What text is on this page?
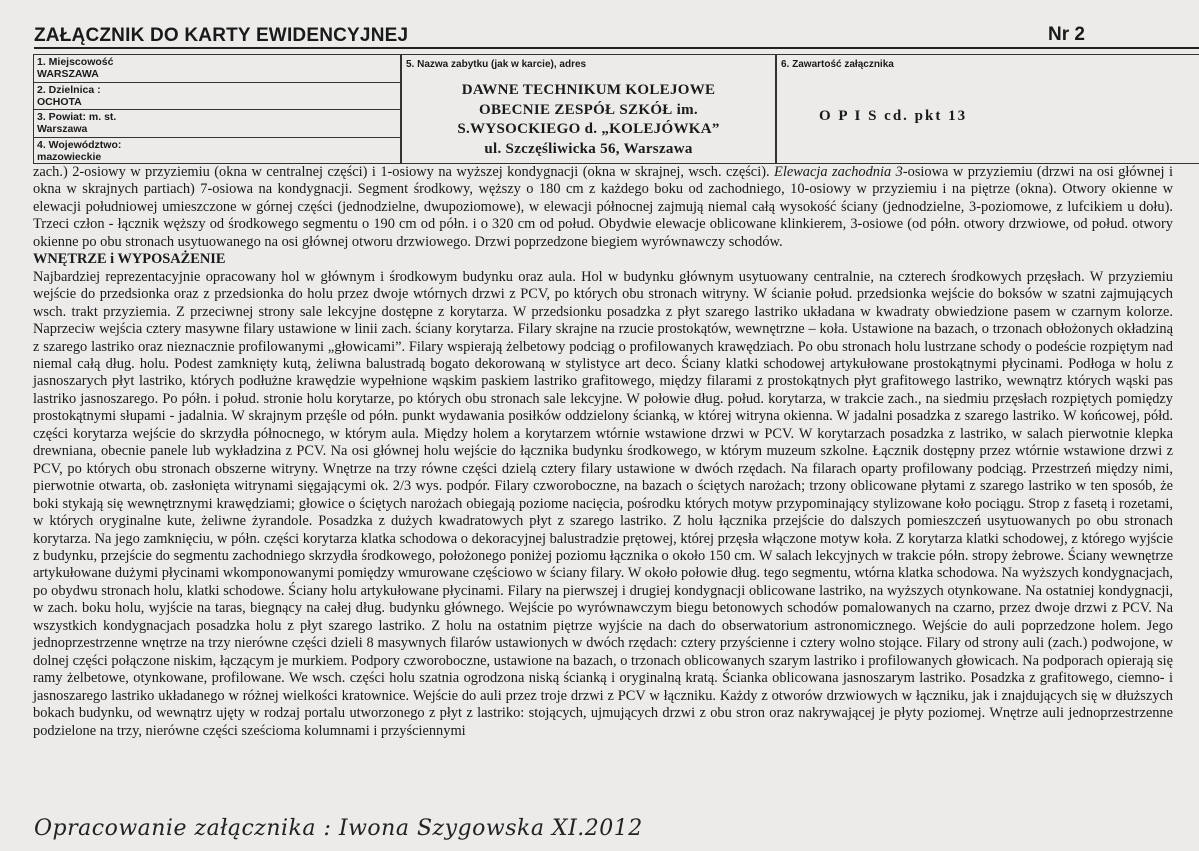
ZAŁĄCZNIK DO KARTY EWIDENCYJNEJ	Nr 2
1. Miejscowość
WARSZAWA
2. Dzielnica :
OCHOTA
3. Powiat: m. st.
Warszawa
4. Województwo:
mazowieckie
5. Nazwa zabytku (jak w karcie), adres
DAWNE TECHNIKUM KOLEJOWE
OBECNIE ZESPÓŁ SZKÓŁ im.
S.WYSOCKIEGO d. „KOLEJÓWKA”
ul. Szczęśliwicka 56, Warszawa
6. Zawartość załącznika
O P I S cd. pkt 13

zach.) 2-osiowy w przyziemiu (okna w centralnej części) i 1-osiowy na wyższej kondygnacji (okna w skrajnej, wsch. części). Elewacja zachodnia 3-osiowa w przyziemiu (drzwi na osi głównej i okna w skrajnych partiach) 7-osiowa na kondygnacji. Segment środkowy, węższy o 180 cm z każdego boku od zachodniego, 10-osiowy w przyziemiu i na piętrze (okna). Otwory okienne w elewacji południowej umieszczone w górnej części (jednodzielne, dwupoziomowe), w elewacji północnej zajmują niemal całą wysokość ściany (jednodzielne, 3-poziomowe, z lufcikiem u dołu). Trzeci człon - łącznik węższy od środkowego segmentu o 190 cm od półn. i o 320 cm od połud. Obydwie elewacje oblicowane klinkierem, 3-osiowe (od półn. otwory drzwiowe, od połud. otwory okienne po obu stronach usytuowanego na osi głównej otworu drzwiowego. Drzwi poprzedzone biegiem wyrównawczy schodów.

WNĘTRZE i WYPOSAŻENIE

Najbardziej reprezentacyjnie opracowany hol w głównym i środkowym budynku oraz aula. Hol w budynku głównym usytuowany centralnie, na czterech środkowych przęsłach. W przyziemiu wejście do przedsionka oraz z przedsionka do holu przez dwoje wtórnych drzwi z PCV, po których obu stronach witryny. W ścianie połud. przedsionka wejście do boksów w szatni zajmujących wsch. trakt przyziemia. Z przeciwnej strony sale lekcyjne dostępne z korytarza. W przedsionku posadzka z płyt szarego lastriko układana w kwadraty obwiedzione pasem w czarnym kolorze. Naprzeciw wejścia cztery masywne filary ustawione w linii zach. ściany korytarza. Filary skrajne na rzucie prostokątów, wewnętrzne – koła. Ustawione na bazach, o trzonach obłożonych okładziną z szarego lastriko oraz nieznacznie profilowanymi „głowicami”. Filary wspierają żelbetowy podciąg o profilowanych krawędziach. Po obu stronach holu lustrzane schody o podeście rozpiętym nad niemal całą dług. holu. Podest zamknięty kutą, żeliwna balustradą bogato dekorowaną w stylistyce art deco. Ściany klatki schodowej artykułowane prostokątnymi płycinami. Podłoga w holu z jasnoszarych płyt lastriko, których podłużne krawędzie wypełnione wąskim paskiem lastriko grafitowego, między filarami z prostokątnych płyt grafitowego lastriko, wewnątrz których wąski pas lastriko jasnoszarego. Po półn. i połud. stronie holu korytarze, po których obu stronach sale lekcyjne. W połowie dług. połud. korytarza, w trakcie zach., na siedmiu przęsłach rozpiętych pomiędzy prostokątnymi słupami - jadalnia. W skrajnym przęśle od półn. punkt wydawania posiłków oddzielony ścianką, w której witryna okienna. W jadalni posadzka z szarego lastriko. W końcowej, półd. części korytarza wejście do skrzydła północnego, w którym aula. Między holem a korytarzem wtórnie wstawione drzwi w PCV. W korytarzach posadzka z lastriko, w salach pierwotnie klepka drewniana, obecnie panele lub wykładzina z PCV. Na osi głównej holu wejście do łącznika budynku środkowego, w którym muzeum szkolne. Łącznik dostępny przez wtórnie wstawione drzwi z PCV, po których obu stronach obszerne witryny. Wnętrze na trzy równe części dzielą cztery filary ustawione w dwóch rzędach. Na filarach oparty profilowany podciąg. Przestrzeń między nimi, pierwotnie otwarta, ob. zasłonięta witrynami sięgającymi ok. 2/3 wys. podpór. Filary czworoboczne, na bazach o ściętych narożach; trzony oblicowane płytami z szarego lastriko w ten sposób, że boki stykają się wewnętrznymi krawędziami; głowice o ściętych narożach obiegają poziome nacięcia, pośrodku których motyw przypominający stylizowane koło pociągu. Strop z fasetą i rozetami, w których oryginalne kute, żeliwne żyrandole. Posadzka z dużych kwadratowych płyt z szarego lastriko. Z holu łącznika przejście do dalszych pomieszczeń usytuowanych po obu stronach korytarza. Na jego zamknięciu, w półn. części korytarza klatka schodowa o dekoracyjnej balustradzie prętowej, której przęsła włączone motyw koła. Z korytarza klatki schodowej, z którego wyjście z budynku, przejście do segmentu zachodniego skrzydła środkowego, położonego poniżej poziomu łącznika o około 150 cm. W salach lekcyjnych w trakcie półn. stropy żebrowe. Ściany wewnętrze artykułowane dużymi płycinami wkomponowanymi pomiędzy wmurowane częściowo w ściany filary. W około połowie dług. tego segmentu, wtórna klatka schodowa. Na wyższych kondygnacjach, po obydwu stronach holu, klatki schodowe. Ściany holu artykułowane płycinami. Filary na pierwszej i drugiej kondygnacji oblicowane lastriko, na wyższych otynkowane. Na ostatniej kondygnacji, w zach. boku holu, wyjście na taras, biegnący na całej dług. budynku głównego. Wejście po wyrównawczym biegu betonowych schodów pomalowanych na czarno, przez dwoje drzwi z PCV. Na wszystkich kondygnacjach posadzka holu z płyt szarego lastriko. Z holu na ostatnim piętrze wyjście na dach do obserwatorium astronomicznego. Wejście do auli poprzedzone holem. Jego jednoprzestrzenne wnętrze na trzy nierówne części dzieli 8 masywnych filarów ustawionych w dwóch rzędach: cztery przyścienne i cztery wolno stojące. Filary od strony auli (zach.) podwojone, w dolnej części połączone niskim, łączącym je murkiem. Podpory czworoboczne, ustawione na bazach, o trzonach oblicowanych szarym lastriko i profilowanych głowicach. Na podporach opierają się ramy żelbetowe, otynkowane, profilowane. We wsch. części holu szatnia ogrodzona niską ścianką i oryginalną kratą. Ścianka oblicowana jasnoszarym lastriko. Posadzka z grafitowego, ciemno- i jasnoszarego lastriko układanego w różnej wielkości kratownice. Wejście do auli przez troje drzwi z PCV w łączniku. Każdy z otworów drzwiowych w łączniku, jak i znajdujących się w dłuższych bokach budynku, od wewnątrz ujęty w rodzaj portalu utworzonego z płyt z lastriko: stojących, ujmujących drzwi z obu stron oraz nakrywającej je płyty poziomej. Wnętrze auli jednoprzestrzenne podzielone na trzy, nierówne części sześcioma kolumnami i przyściennymi

Opracowanie załącznika : Iwona Szygowska XI.2012
